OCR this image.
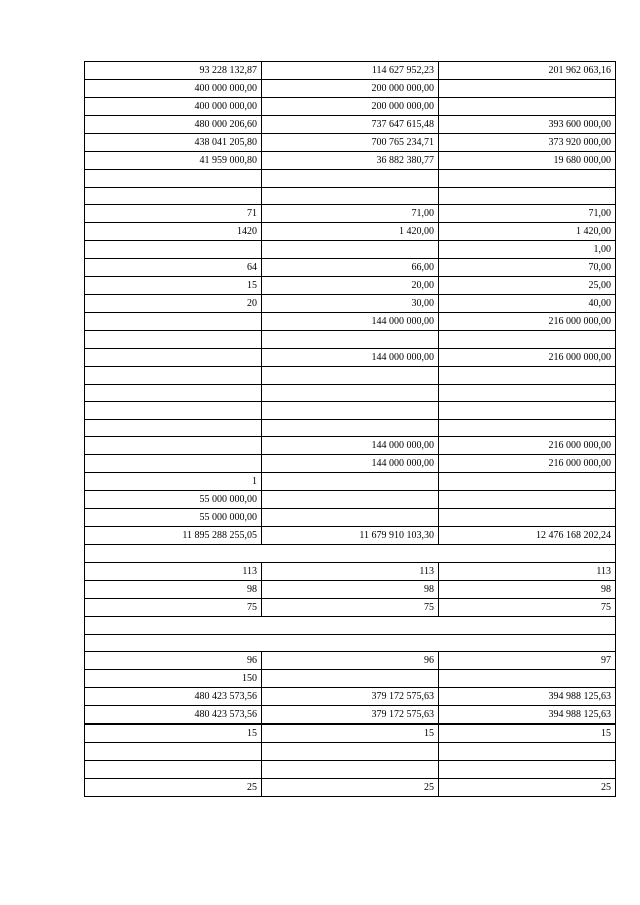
93 228 132,87	114 627 952,23	201 962 063,16
400 000 000,00	200 000 000,00	
400 000 000,00	200 000 000,00	
480 000 206,60	737 647 615,48	393 600 000,00
438 041 205,80	700 765 234,71	373 920 000,00
41 959 000,80	36 882 380,77	19 680 000,00

71	71,00	71,00
1420	1 420,00	1 420,00
		1,00
64	66,00	70,00
15	20,00	25,00
20	30,00	40,00
	144 000 000,00	216 000 000,00

	144 000 000,00	216 000 000,00

	144 000 000,00	216 000 000,00
	144 000 000,00	216 000 000,00
1		
55 000 000,00		
55 000 000,00		
11 895 288 255,05	11 679 910 103,30	12 476 168 202,24

113	113	113
98	98	98
75	75	75

96	96	97
150		
480 423 573,56	379 172 575,63	394 988 125,63
480 423 573,56	379 172 575,63	394 988 125,63
15	15	15

25	25	25
